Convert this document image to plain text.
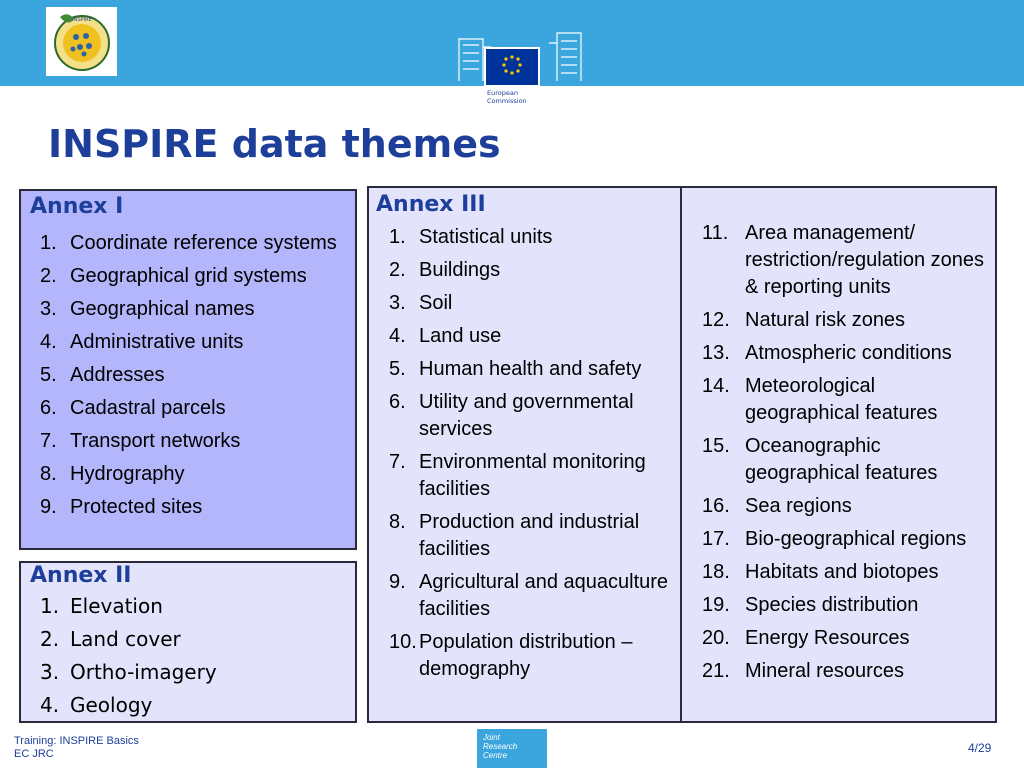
INSPIRE
European
Commission
INSPIRE data themes
Annex I
1. Coordinate reference systems
2. Geographical grid systems
3. Geographical names
4. Administrative units
5. Addresses
6. Cadastral parcels
7. Transport networks
8. Hydrography
9. Protected sites
Annex II
1. Elevation
2. Land cover
3. Ortho-imagery
4. Geology
Annex III
1. Statistical units
2. Buildings
3. Soil
4. Land use
5. Human health and safety
6. Utility and governmental services
7. Environmental monitoring facilities
8. Production and industrial facilities
9. Agricultural and aquaculture facilities
10. Population distribution – demography
11. Area management/ restriction/regulation zones & reporting units
12. Natural risk zones
13. Atmospheric conditions
14. Meteorological geographical features
15. Oceanographic geographical features
16. Sea regions
17. Bio-geographical regions
18. Habitats and biotopes
19. Species distribution
20. Energy Resources
21. Mineral resources
Training: INSPIRE Basics
EC JRC
Joint
Research
Centre
4/29
